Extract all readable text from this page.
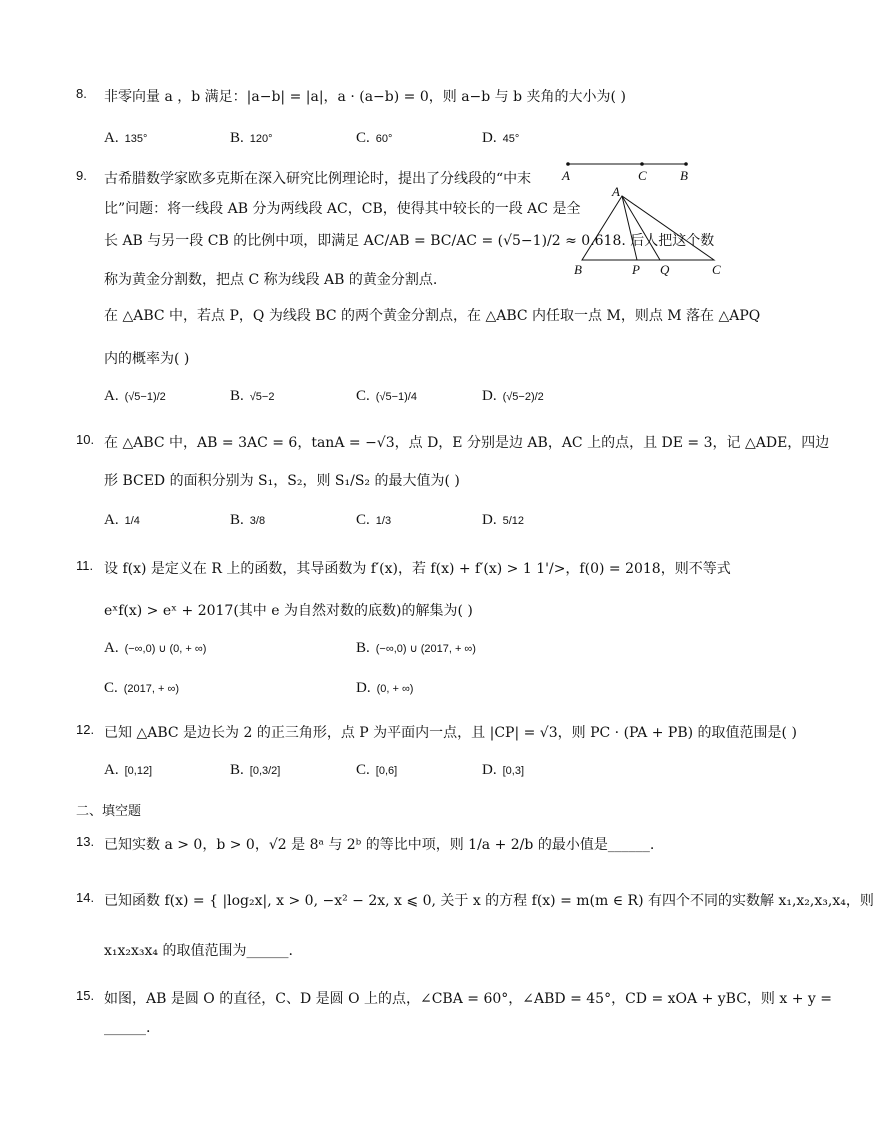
8.	非零向量 a ，b 满足：|a−b| = |a|，a · (a−b) = 0，则 a−b 与 b 夹角的大小为( )
A. 135°	B. 120°	C. 60°	D. 45°
9.	古希腊数学家欧多克斯在深入研究比例理论时，提出了分线段的“中末
比”问题：将一线段 AB 分为两线段 AC，CB，使得其中较长的一段 AC 是全
长 AB 与另一段 CB 的比例中项，即满足 AC/AB = BC/AC = (√5−1)/2 ≈ 0.618. 后人把这个数
称为黄金分割数，把点 C 称为线段 AB 的黄金分割点.
在 △ABC 中，若点 P，Q 为线段 BC 的两个黄金分割点，在 △ABC 内任取一点 M，则点 M 落在 △APQ
内的概率为( )
A. (√5−1)/2	B. √5−2	C. (√5−1)/4	D. (√5−2)/2
A	C	B
A
B	P Q	C
10. 在 △ABC 中，AB = 3AC = 6，tanA = −√3，点 D，E 分别是边 AB，AC 上的点，且 DE = 3，记 △ADE，四边
形 BCED 的面积分别为 S₁，S₂，则 S₁/S₂ 的最大值为( )
A. 1/4	B. 3/8	C. 1/3	D. 5/12
11. 设 f(x) 是定义在 R 上的函数，其导函数为 f′(x)，若 f(x) + f′(x) > 1 1'/>，f(0) = 2018，则不等式
eˣf(x) > eˣ + 2017(其中 e 为自然对数的底数)的解集为( )
A. (−∞,0) ∪ (0, + ∞)	B. (−∞,0) ∪ (2017, + ∞)
C. (2017, + ∞)	D. (0, + ∞)
12. 已知 △ABC 是边长为 2 的正三角形，点 P 为平面内一点，且 |CP| = √3，则 PC · (PA + PB) 的取值范围是( )
A. [0,12]	B. [0,3/2]	C. [0,6]	D. [0,3]
二、填空题
13. 已知实数 a > 0，b > 0，√2 是 8ᵃ 与 2ᵇ 的等比中项，则 1/a + 2/b 的最小值是______.
14. 已知函数 f(x) = { |log₂x|, x > 0, −x² − 2x, x ⩽ 0, 关于 x 的方程 f(x) = m(m ∈ R) 有四个不同的实数解 x₁,x₂,x₃,x₄，则
x₁x₂x₃x₄ 的取值范围为______.
15. 如图，AB 是圆 O 的直径，C、D 是圆 O 上的点，∠CBA = 60°，∠ABD = 45°，CD = xOA + yBC，则 x + y =
______.
